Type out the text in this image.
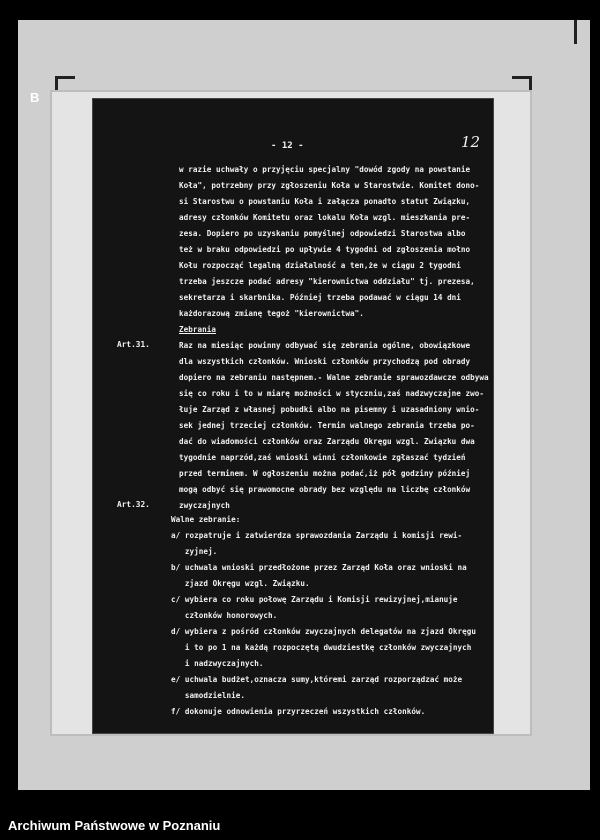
B
- 12 -	12
w razie uchwały o przyjęciu specjalny "dowód zgody na powstanie
Koła", potrzebny przy zgłoszeniu Koła w Starostwie. Komitet dono-
si Starostwu o powstaniu Koła i załącza ponadto statut Związku,
adresy członków Komitetu oraz lokalu Koła wzgl. mieszkania pre-
zesa. Dopiero po uzyskaniu pomyślnej odpowiedzi Starostwa albo
też w braku odpowiedzi po upływie 4 tygodni od zgłoszenia mołno
Kołu rozpocząć legalną działalność a ten,że w ciągu 2 tygodni
trzeba jeszcze podać adresy "kierownictwa oddziału" tj. prezesa,
sekretarza i skarbnika. Później trzeba podawać w ciągu 14 dni
każdorazową zmianę tegoż "kierownictwa".
Zebrania
Art.31.	Raz na miesiąc powinny odbywać się zebrania ogólne, obowiązkowe
dla wszystkich członków. Wnioski członków przychodzą pod obrady
dopiero na zebraniu następnem.- Walne zebranie sprawozdawcze odbywa
się co roku i to w miarę możności w styczniu,zaś nadzwyczajne zwo-
łuje Zarząd z własnej pobudki albo na pisemny i uzasadniony wnio-
sek jednej trzeciej członków. Termin walnego zebrania trzeba po-
dać do wiadomości członków oraz Zarządu Okręgu wzgl. Związku dwa
tygodnie naprzód,zaś wnioski winni członkowie zgłaszać tydzień
przed terminem. W ogłoszeniu można podać,iż pół godziny później
mogą odbyć się prawomocne obrady bez względu na liczbę członków
zwyczajnych
Art.32.
Walne zebranie:
a/ rozpatruje i zatwierdza sprawozdania Zarządu i komisji rewi-
zyjnej.
b/ uchwala wnioski przedłożone przez Zarząd Koła oraz wnioski na
zjazd Okręgu wzgl. Związku.
c/ wybiera co roku połowę Zarządu i Komisji rewizyjnej,mianuje
członków honorowych.
d/ wybiera z pośród członków zwyczajnych delegatów na zjazd Okręgu
i to po 1 na każdą rozpoczętą dwudziestkę członków zwyczajnych
i nadzwyczajnych.
e/ uchwala budżet,oznacza sumy,któremi zarząd rozporządzać może
samodzielnie.
f/ dokonuje odnowienia przyrzeczeń wszystkich członków.
Archiwum Państwowe w Poznaniu
